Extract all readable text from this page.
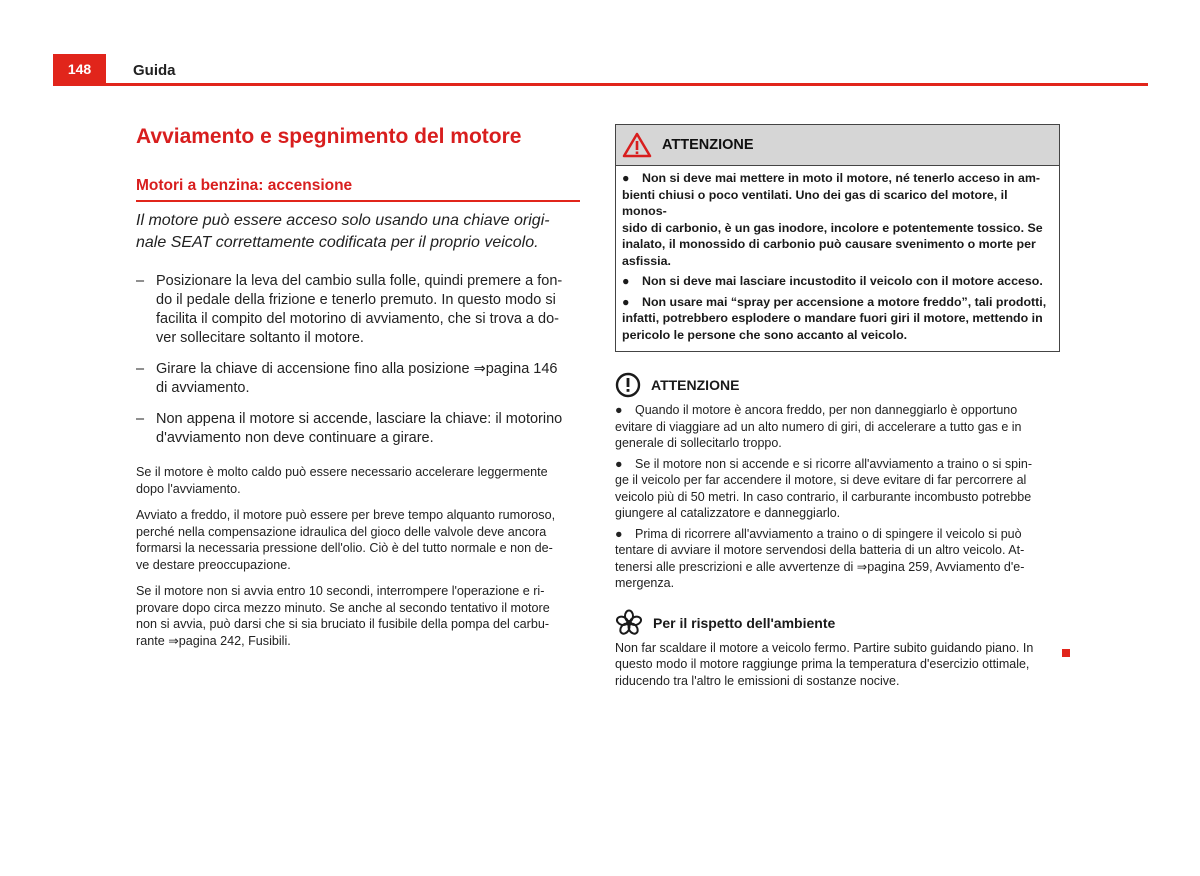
148	Guida
Avviamento e spegnimento del motore
Motori a benzina: accensione

Il motore può essere acceso solo usando una chiave origi-
nale SEAT correttamente codificata per il proprio veicolo.

– Posizionare la leva del cambio sulla folle, quindi premere a fon-
do il pedale della frizione e tenerlo premuto. In questo modo si
facilita il compito del motorino di avviamento, che si trova a do-
ver sollecitare soltanto il motore.
– Girare la chiave di accensione fino alla posizione ⇒pagina 146
di avviamento.
– Non appena il motore si accende, lasciare la chiave: il motorino
d'avviamento non deve continuare a girare.

Se il motore è molto caldo può essere necessario accelerare leggermente
dopo l'avviamento.

Avviato a freddo, il motore può essere per breve tempo alquanto rumoroso,
perché nella compensazione idraulica del gioco delle valvole deve ancora
formarsi la necessaria pressione dell'olio. Ciò è del tutto normale e non de-
ve destare preoccupazione.

Se il motore non si avvia entro 10 secondi, interrompere l'operazione e ri-
provare dopo circa mezzo minuto. Se anche al secondo tentativo il motore
non si avvia, può darsi che si sia bruciato il fusibile della pompa del carbu-
rante ⇒pagina 242, Fusibili.

ATTENZIONE

● Non si deve mai mettere in moto il motore, né tenerlo acceso in am-
bienti chiusi o poco ventilati. Uno dei gas di scarico del motore, il monos-
sido di carbonio, è un gas inodore, incolore e potentemente tossico. Se
inalato, il monossido di carbonio può causare svenimento o morte per
asfissia.

● Non si deve mai lasciare incustodito il veicolo con il motore acceso.

● Non usare mai “spray per accensione a motore freddo”, tali prodotti,
infatti, potrebbero esplodere o mandare fuori giri il motore, mettendo in
pericolo le persone che sono accanto al veicolo.

ATTENZIONE

● Quando il motore è ancora freddo, per non danneggiarlo è opportuno
evitare di viaggiare ad un alto numero di giri, di accelerare a tutto gas e in
generale di sollecitarlo troppo.

● Se il motore non si accende e si ricorre all'avviamento a traino o si spin-
ge il veicolo per far accendere il motore, si deve evitare di far percorrere al
veicolo più di 50 metri. In caso contrario, il carburante incombusto potrebbe
giungere al catalizzatore e danneggiarlo.

● Prima di ricorrere all'avviamento a traino o di spingere il veicolo si può
tentare di avviare il motore servendosi della batteria di un altro veicolo. At-
tenersi alle prescrizioni e alle avvertenze di ⇒pagina 259, Avviamento d'e-
mergenza.

Per il rispetto dell'ambiente

Non far scaldare il motore a veicolo fermo. Partire subito guidando piano. In
questo modo il motore raggiunge prima la temperatura d'esercizio ottimale,
riducendo tra l'altro le emissioni di sostanze nocive.
